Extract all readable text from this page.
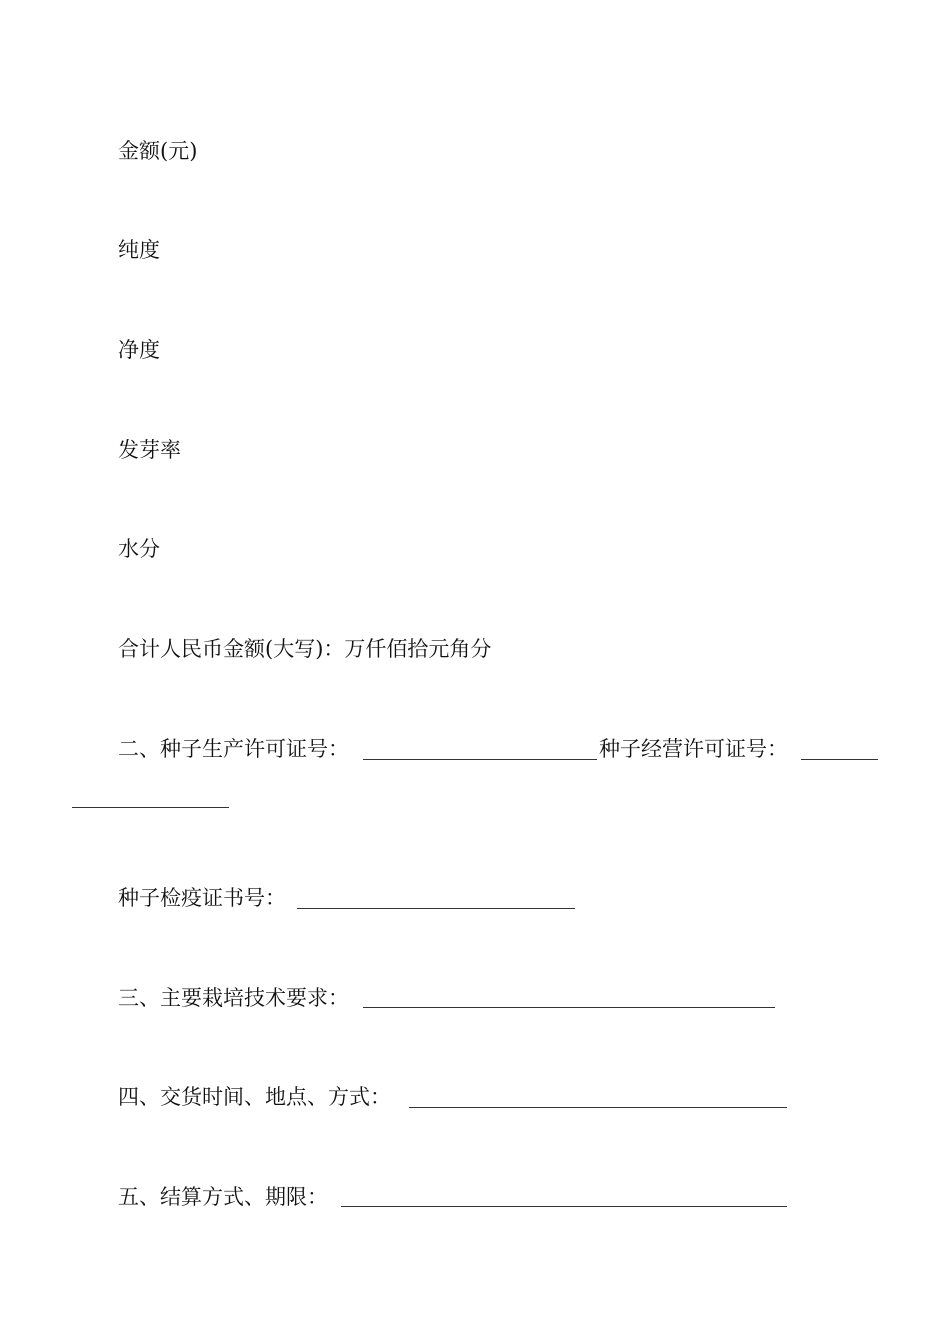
金额(元)
纯度
净度
发芽率
水分
合计人民币金额(大写)：万仟佰拾元角分
二、种子生产许可证号：	种子经营许可证号：
种子检疫证书号：
三、主要栽培技术要求：
四、交货时间、地点、方式：
五、结算方式、期限：
